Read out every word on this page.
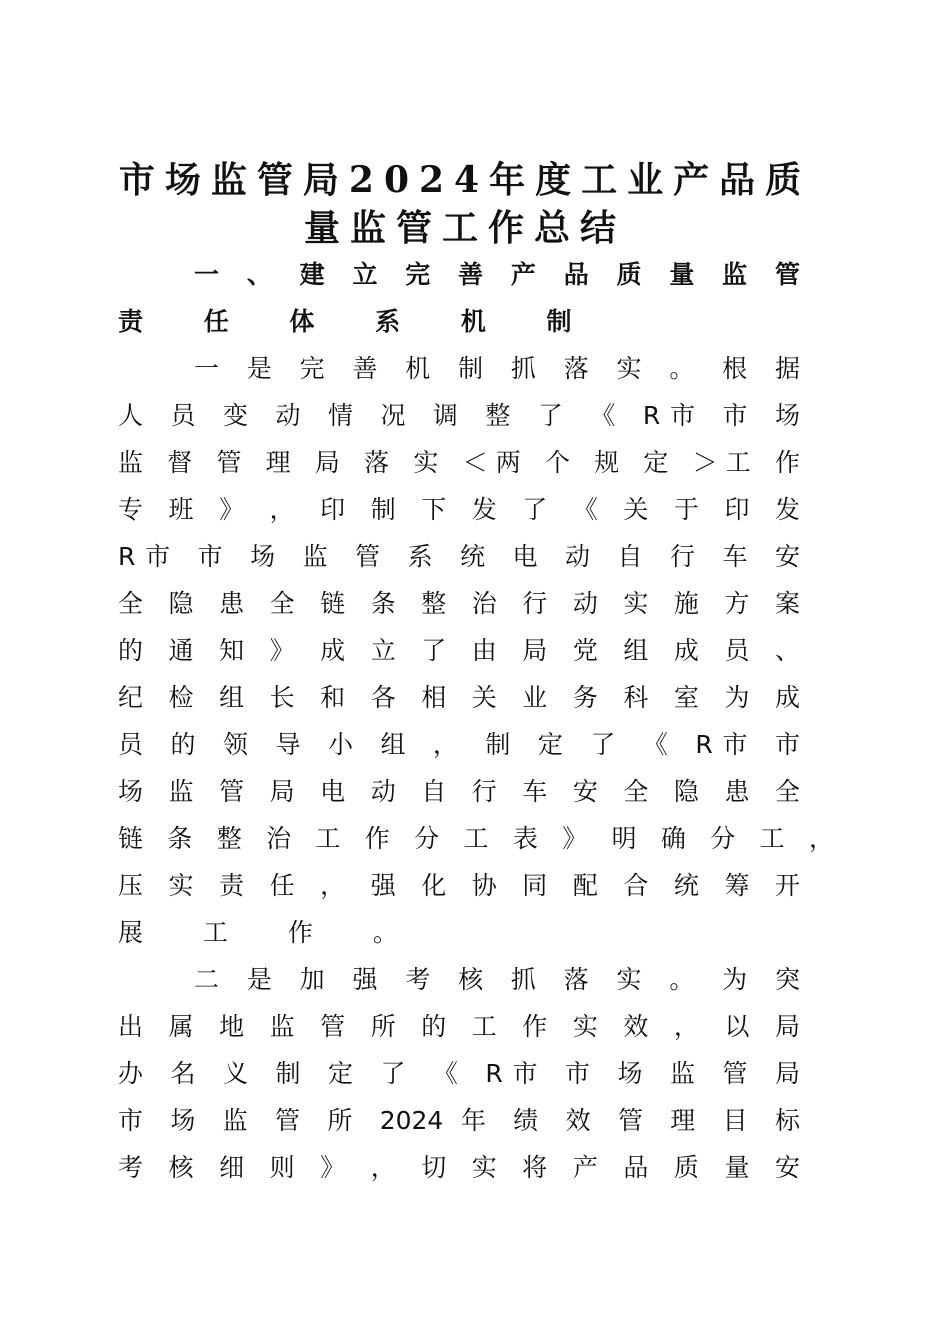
市场监管局2024年度工业产品质
量监管工作总结
一 、 建 立 完 善 产 品 质 量 监 管
责 任 体 系 机 制
一 是 完 善 机 制 抓 落 实 。 根 据
人 员 变 动 情 况 调 整 了 《 R市 市 场
监 督 管 理 局 落 实 ＜两 个 规 定 ＞工 作
专 班 》 ， 印 制 下 发 了 《 关 于 印 发
R市 市 场 监 管 系 统 电 动 自 行 车 安
全 隐 患 全 链 条 整 治 行 动 实 施 方 案
的 通 知 》 成 立 了 由 局 党 组 成 员 、
纪 检 组 长 和 各 相 关 业 务 科 室 为 成
员 的 领 导 小 组 ， 制 定 了 《 R市 市
场 监 管 局 电 动 自 行 车 安 全 隐 患 全
链 条 整 治 工 作 分 工 表 》 明 确 分 工 ，
压 实 责 任 ， 强 化 协 同 配 合 统 筹 开
展 工 作 。
二 是 加 强 考 核 抓 落 实 。 为 突
出 属 地 监 管 所 的 工 作 实 效 ， 以 局
办 名 义 制 定 了 《 R市 市 场 监 管 局
市 场 监 管 所 2024 年 绩 效 管 理 目 标
考 核 细 则 》 ， 切 实 将 产 品 质 量 安
